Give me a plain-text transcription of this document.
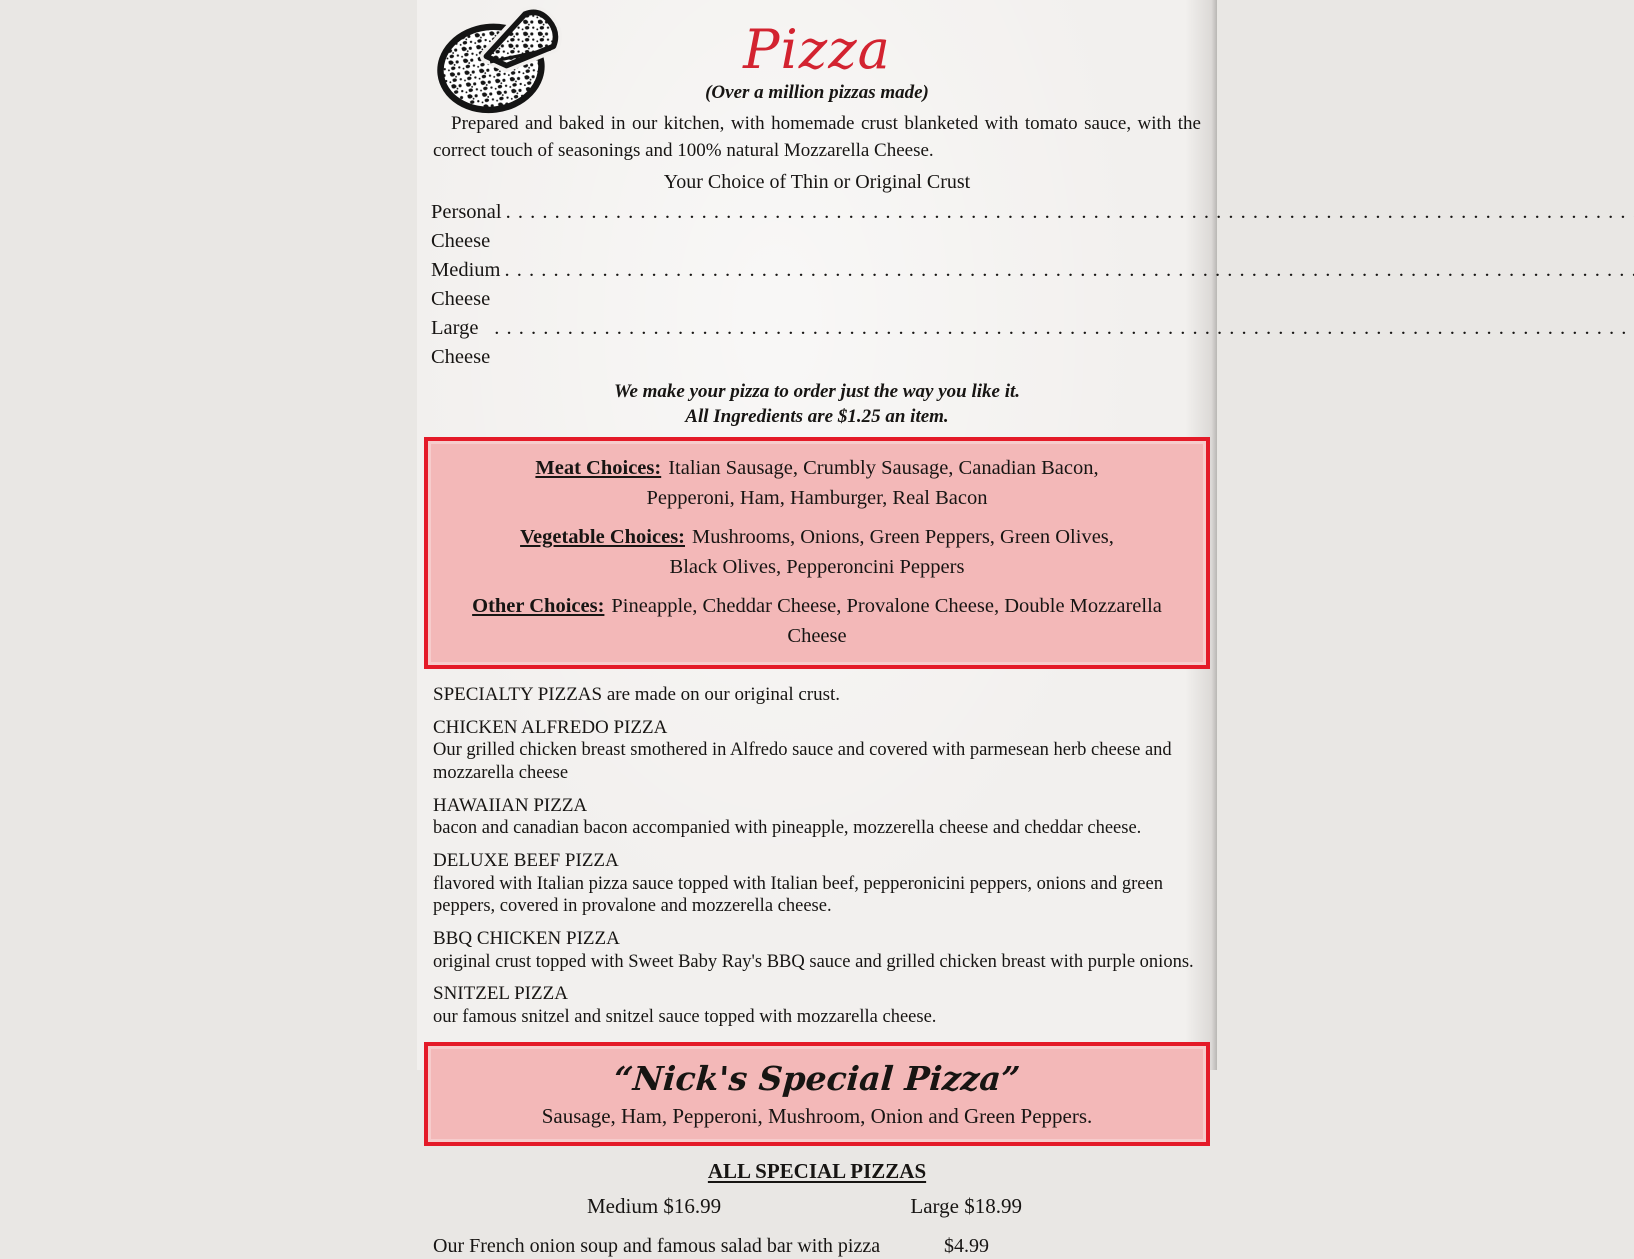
Pizza
(Over a million pizzas made)

Prepared and baked in our kitchen, with homemade crust blanketed with tomato sauce, with the

correct touch of seasonings and 100% natural Mozzarella Cheese.

Your Choice of Thin or Original Crust
Personal Cheese
. . .
Medium Cheese
. . .
Large Cheese
. . .
We make your pizza to order just the way you like it.
All Ingredients are $1.25 an item.
Meat Choices: Italian Sausage, Crumbly Sausage, Canadian Bacon,
Pepperoni, Ham, Hamburger, Real Bacon
Vegetable Choices: Mushrooms, Onions, Green Peppers, Green Olives,
Black Olives, Pepperoncini Peppers
Other Choices: Pineapple, Cheddar Cheese, Provalone Cheese, Double Mozzarella Cheese

SPECIALTY PIZZAS are made on our original crust.

CHICKEN ALFREDO PIZZA
Our grilled chicken breast smothered in Alfredo sauce and covered with parmesean herb cheese and mozzarella cheese
HAWAIIAN PIZZA
bacon and canadian bacon accompanied with pineapple, mozzerella cheese and cheddar cheese.
DELUXE BEEF PIZZA
flavored with Italian pizza sauce topped with Italian beef, pepperonicini peppers, onions and green peppers, covered in provalone and mozzerella cheese.
BBQ CHICKEN PIZZA
original crust topped with Sweet Baby Ray's BBQ sauce and grilled chicken breast with purple onions.
SNITZEL PIZZA
our famous snitzel and snitzel sauce topped with mozzarella cheese.
“Nick's Special Pizza”
Sausage, Ham, Pepperoni, Mushroom, Onion and Green Peppers.
ALL SPECIAL PIZZAS
Medium $16.99	Large $18.99
Our French onion soup and famous salad bar with pizza	$4.99
